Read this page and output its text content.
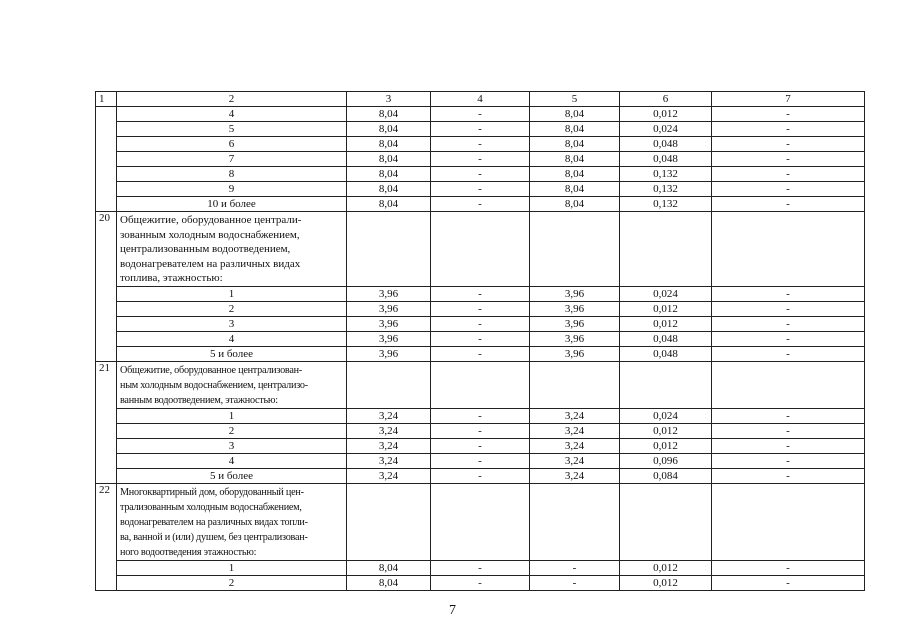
1	2	3	4	5	6	7
	4	8,04	-	8,04	0,012	-
	5	8,04	-	8,04	0,024	-
	6	8,04	-	8,04	0,048	-
	7	8,04	-	8,04	0,048	-
	8	8,04	-	8,04	0,132	-
	9	8,04	-	8,04	0,132	-
	10 и более	8,04	-	8,04	0,132	-
20	Общежитие, оборудованное централи-
зованным холодным водоснабжением,
централизованным водоотведением,
водонагревателем на различных видах
топлива, этажностью:					

	1	3,96	-	3,96	0,024	-
	2	3,96	-	3,96	0,012	-
	3	3,96	-	3,96	0,012	-
	4	3,96	-	3,96	0,048	-
	5 и более	3,96	-	3,96	0,048	-
21	Общежитие, оборудованное централизован-
ным холодным водоснабжением, централизо-
ванным водоотведением, этажностью:					

	1	3,24	-	3,24	0,024	-
	2	3,24	-	3,24	0,012	-
	3	3,24	-	3,24	0,012	-
	4	3,24	-	3,24	0,096	-
	5 и более	3,24	-	3,24	0,084	-
22	Многоквартирный дом, оборудованный цен-
трализованным холодным водоснабжением,
водонагревателем на различных видах топли-
ва, ванной и (или) душем, без централизован-
ного водоотведения этажностью:					

	1	8,04	-	-	0,012	-
	2	8,04	-	-	0,012	-
7
